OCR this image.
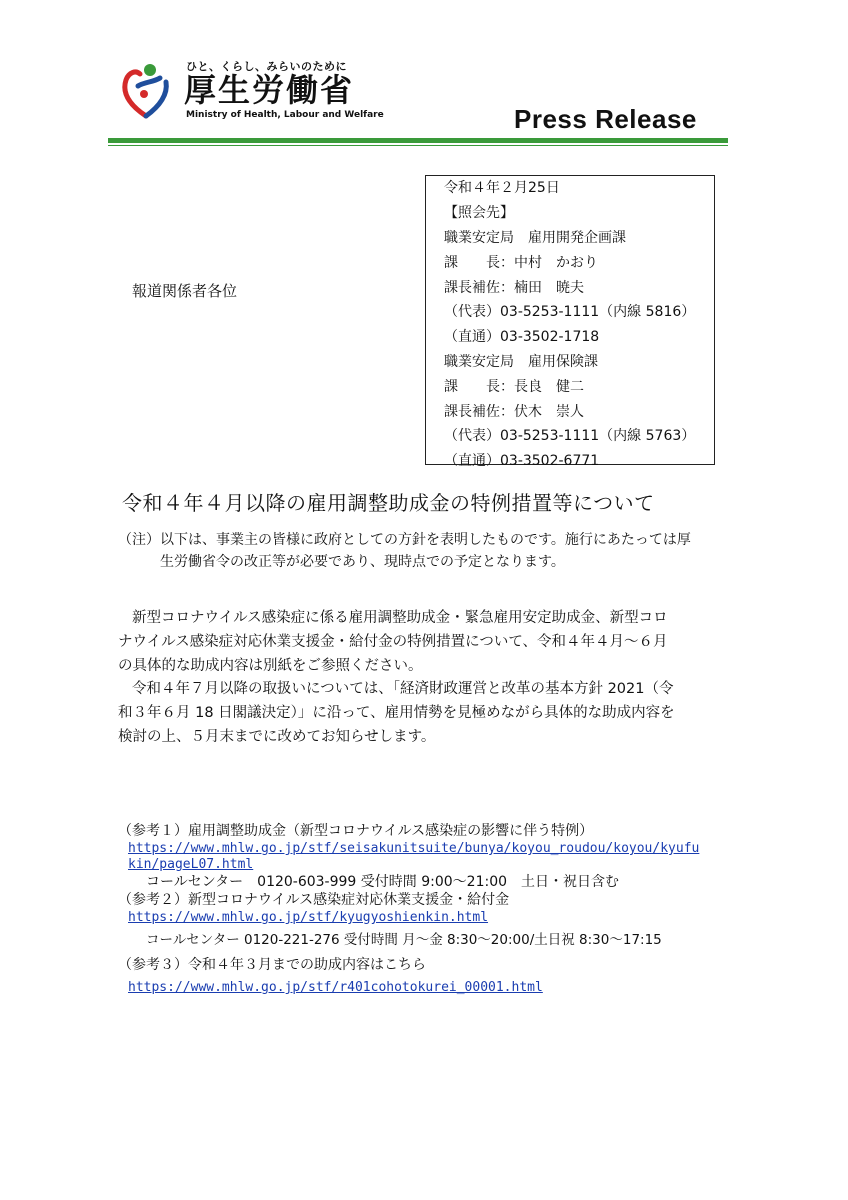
ひと、くらし、みらいのために
厚生労働省
Ministry of Health, Labour and Welfare	Press Release
令和４年２月25日
【照会先】
職業安定局　雇用開発企画課
課　　長：中村　かおり
課長補佐：楠田　暁夫
（代表）03-5253-1111（内線 5816）
（直通）03-3502-1718
職業安定局　雇用保険課
課　　長：長良　健二
課長補佐：伏木　崇人
（代表）03-5253-1111（内線 5763）
（直通）03-3502-6771
報道関係者各位
令和４年４月以降の雇用調整助成金の特例措置等について
（注）以下は、事業主の皆様に政府としての方針を表明したものです。施行にあたっては厚
生労働省令の改正等が必要であり、現時点での予定となります。
新型コロナウイルス感染症に係る雇用調整助成金・緊急雇用安定助成金、新型コロ
ナウイルス感染症対応休業支援金・給付金の特例措置について、令和４年４月～６月
の具体的な助成内容は別紙をご参照ください。
令和４年７月以降の取扱いについては、「経済財政運営と改革の基本方針 2021（令
和３年６月 18 日閣議決定）」に沿って、雇用情勢を見極めながら具体的な助成内容を
検討の上、５月末までに改めてお知らせします。
（参考１）雇用調整助成金（新型コロナウイルス感染症の影響に伴う特例）
https://www.mhlw.go.jp/stf/seisakunitsuite/bunya/koyou_roudou/koyou/kyufu
kin/pageL07.html
コールセンター　0120-603-999 受付時間 9:00～21:00　土日・祝日含む
（参考２）新型コロナウイルス感染症対応休業支援金・給付金
https://www.mhlw.go.jp/stf/kyugyoshienkin.html
コールセンター 0120-221-276 受付時間 月～金 8:30～20:00/土日祝 8:30～17:15
（参考３）令和４年３月までの助成内容はこちら
https://www.mhlw.go.jp/stf/r401cohotokurei_00001.html
